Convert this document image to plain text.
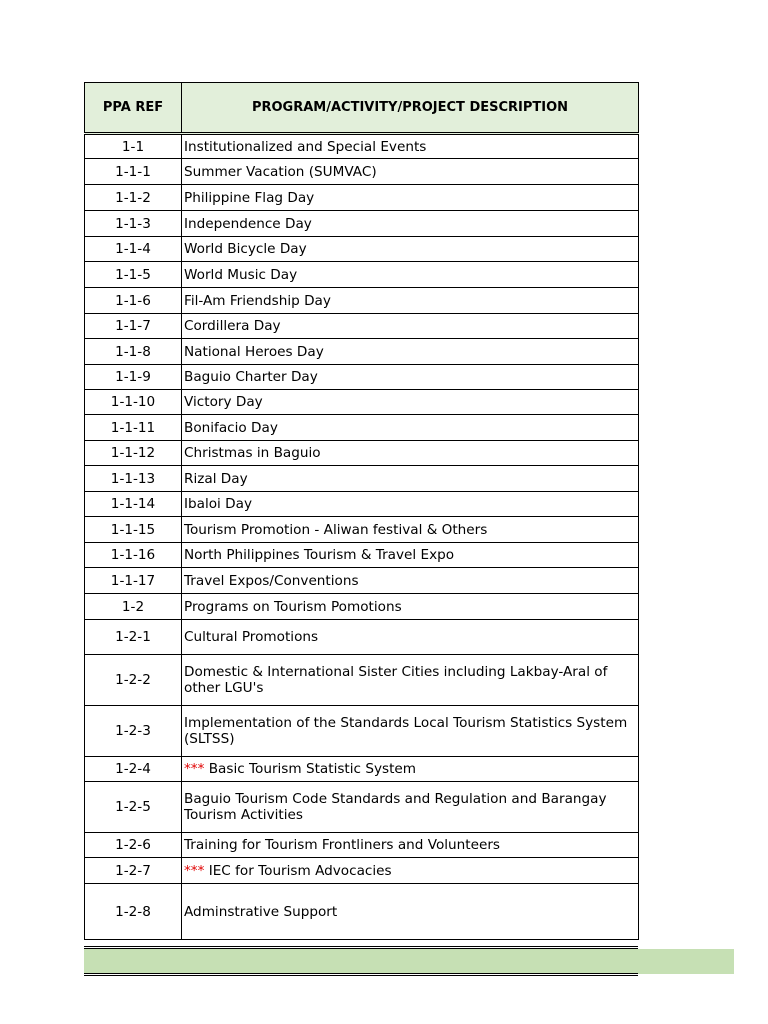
PPA REF	PROGRAM/ACTIVITY/PROJECT DESCRIPTION
1-1	Institutionalized and Special Events
1-1-1	Summer Vacation (SUMVAC)
1-1-2	Philippine Flag Day
1-1-3	Independence Day
1-1-4	World Bicycle Day
1-1-5	World Music Day
1-1-6	Fil-Am Friendship Day
1-1-7	Cordillera Day
1-1-8	National Heroes Day
1-1-9	Baguio Charter Day
1-1-10	Victory Day
1-1-11	Bonifacio Day
1-1-12	Christmas in Baguio
1-1-13	Rizal Day
1-1-14	Ibaloi Day
1-1-15	Tourism Promotion - Aliwan festival & Others
1-1-16	North Philippines Tourism & Travel Expo
1-1-17	Travel Expos/Conventions
1-2	Programs on Tourism Pomotions
1-2-1	Cultural Promotions
1-2-2	Domestic & International Sister Cities including Lakbay-Aral of other LGU's
1-2-3	Implementation of the Standards Local Tourism Statistics System (SLTSS)
1-2-4	*** Basic Tourism Statistic System
1-2-5	Baguio Tourism Code Standards and Regulation and Barangay Tourism Activities
1-2-6	Training for Tourism Frontliners and Volunteers
1-2-7	*** IEC for Tourism Advocacies
1-2-8	Adminstrative Support
